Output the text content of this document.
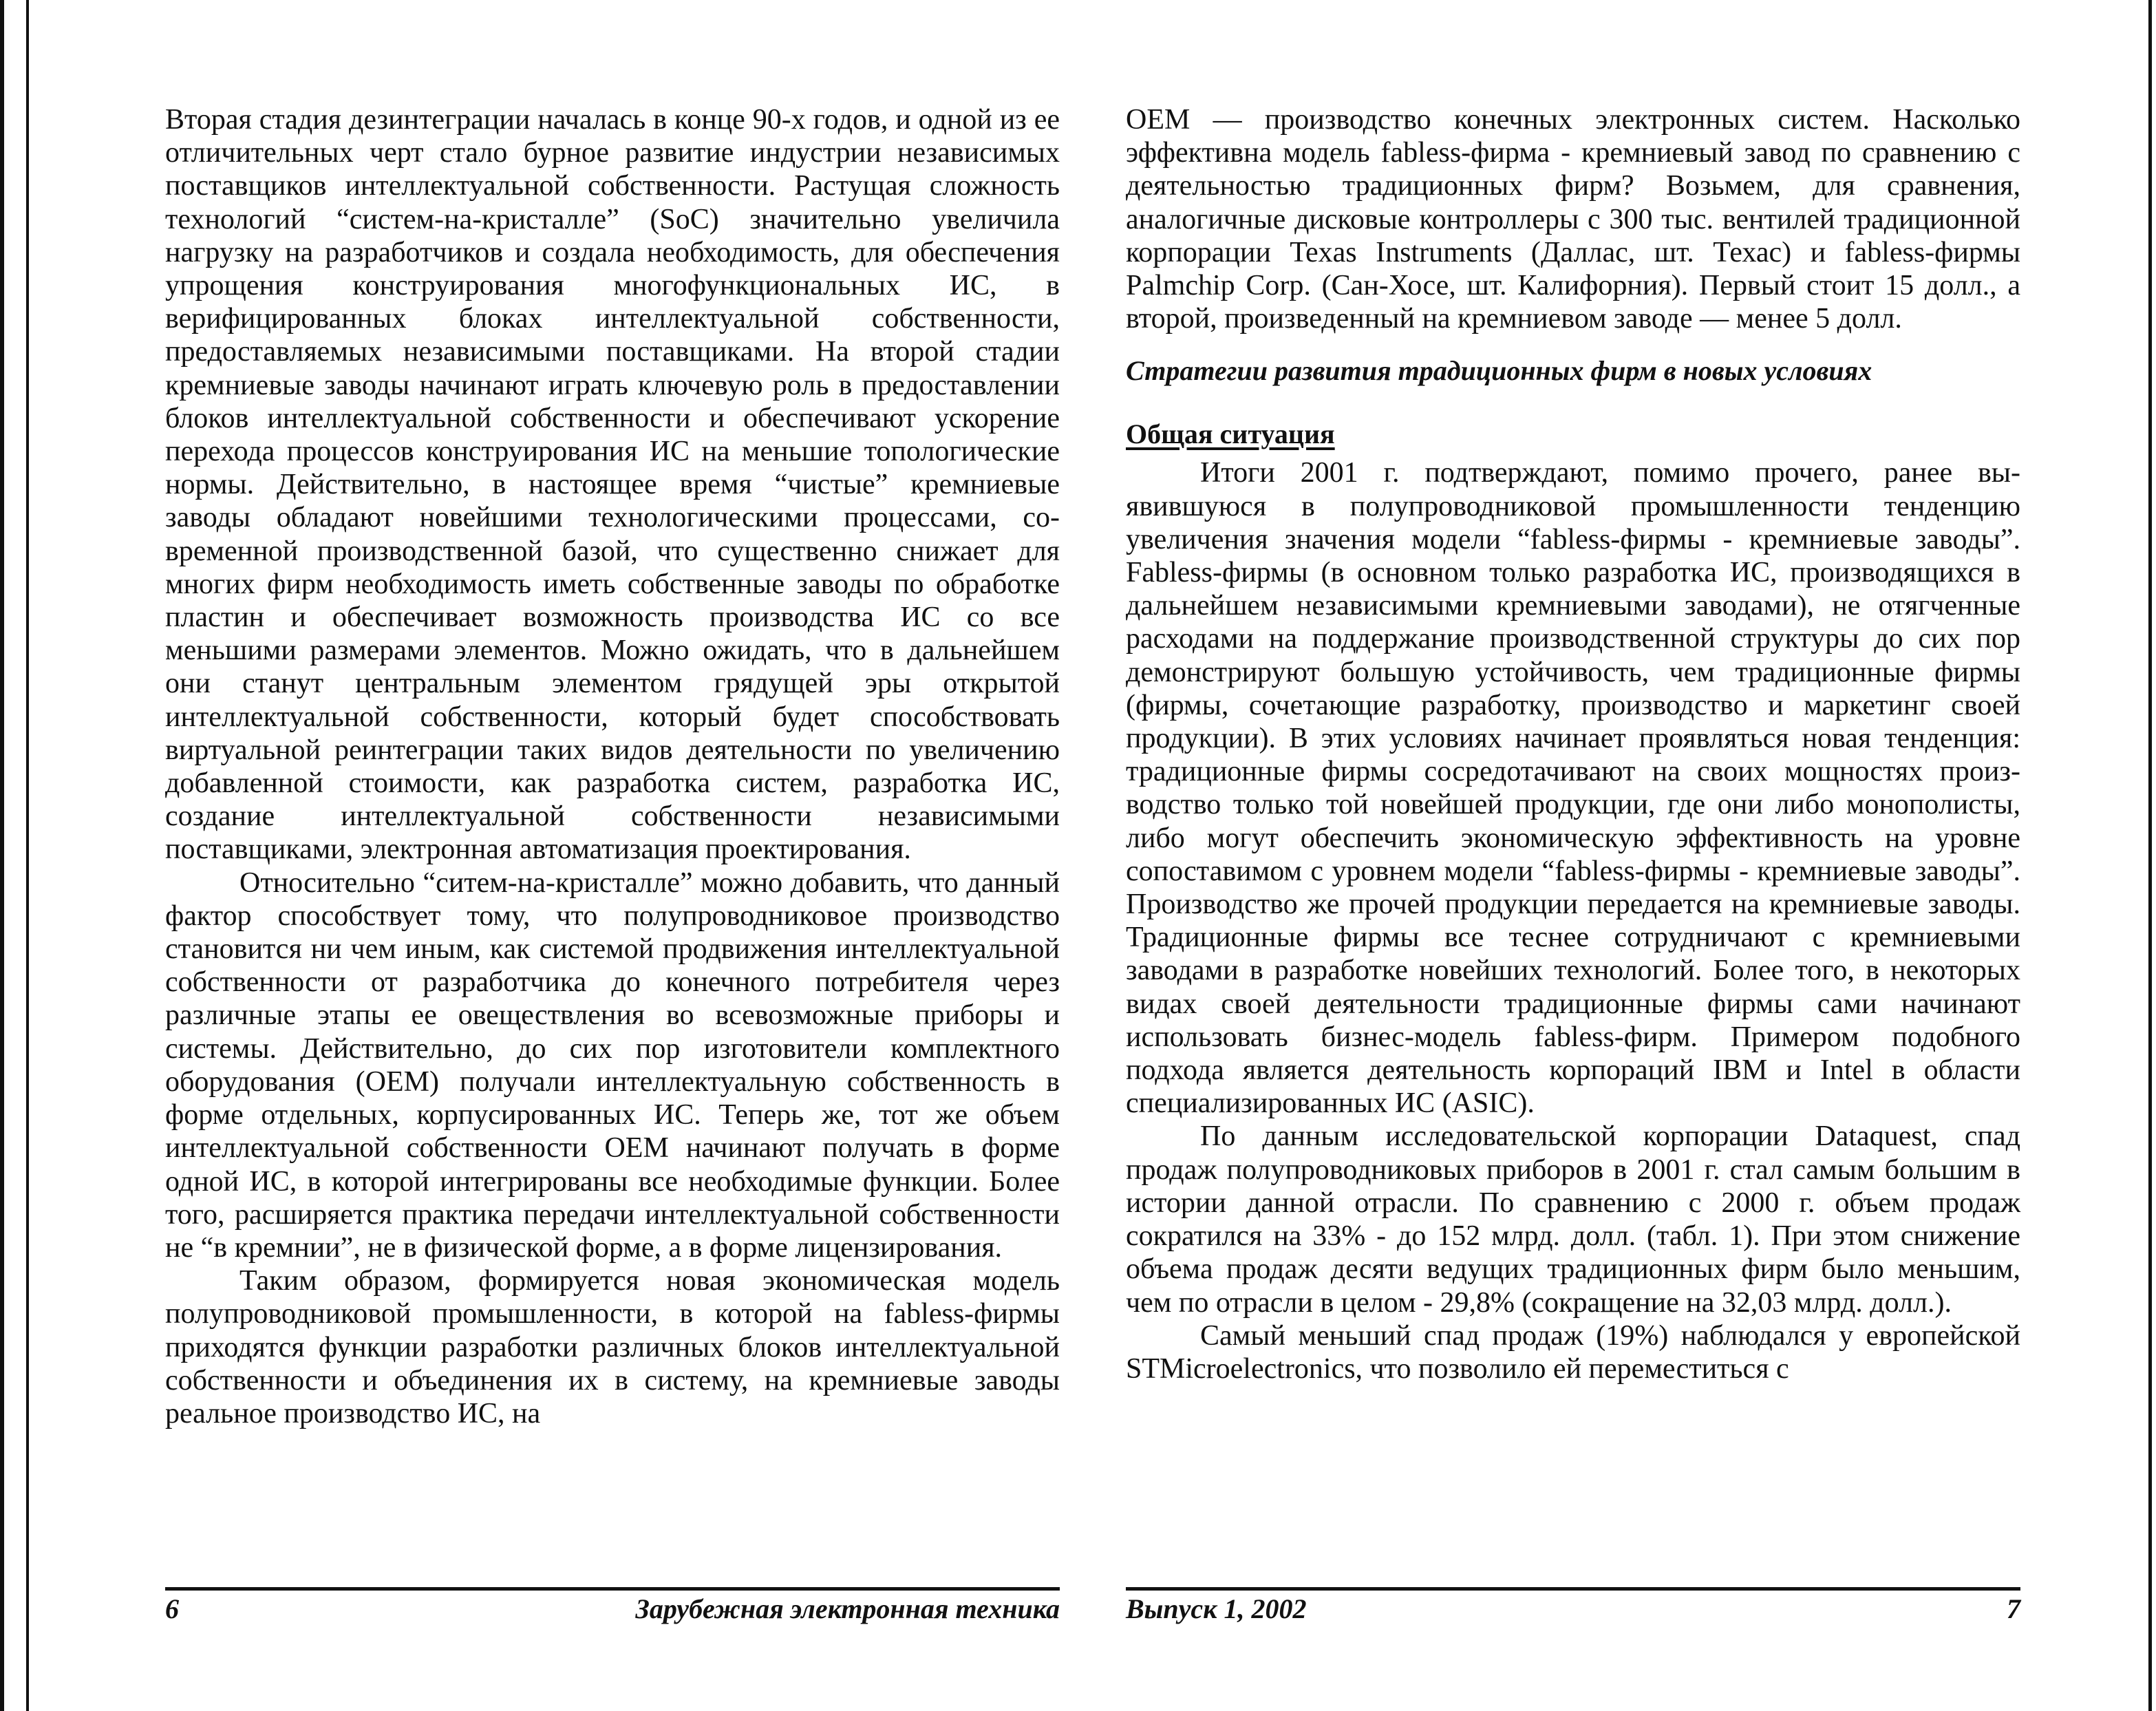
Вторая стадия дезинтеграции началась в конце 90-х годов, и одной из ее отличительных черт стало бурное развитие индустрии независимых поставщиков интеллектуальной собственности. Растущая сложность технологий “систем-на-кристалле” (SoC) значительно увеличила нагрузку на разработчиков и создала необходимость, для обеспечения упрощения конструирования многофункциональных ИС, в верифицированных блоках интеллектуальной собственности, предоставляемых независимыми поставщиками. На второй стадии кремниевые заводы начинают играть ключевую роль в предоставлении блоков интеллектуальной собственности и обеспечивают ускорение перехода процессов конструирования ИС на меньшие топологические нормы. Действительно, в настоящее время “чистые” кремниевые заводы обладают новейшими технологическими процессами, современной производственной базой, что существенно снижает для многих фирм необходимость иметь собственные заводы по обработке пластин и обеспечивает возможность производства ИС со все меньшими размерами элементов. Можно ожидать, что в дальнейшем они станут центральным элементом грядущей эры открытой интеллектуальной собственности, который будет способствовать виртуальной реинтеграции таких видов деятельности по увеличению добавленной стоимости, как разработка систем, разработка ИС, создание интеллектуальной собственности независимыми поставщиками, электронная автоматизация проектирования.

Относительно “ситем-на-кристалле” можно добавить, что данный фактор способствует тому, что полупроводниковое производство становится ни чем иным, как системой продвижения интеллектуальной собственности от разработчика до конечного потребителя через различные этапы ее овеществления во всевозможные приборы и системы. Действительно, до сих пор изготовители комплектного оборудования (OEM) получали интеллектуальную собственность в форме отдельных, корпусированных ИС. Теперь же, тот же объем интеллектуальной собственности OEM начинают получать в форме одной ИС, в которой интегрированы все необходимые функции. Более того, расширяется практика передачи интеллектуальной собственности не “в кремнии”, не в физической форме, а в форме лицензирования.

Таким образом, формируется новая экономическая модель полупроводниковой промышленности, в которой на fabless-фирмы приходятся функции разработки различных блоков интеллектуальной собственности и объединения их в систему, на кремниевые заводы реальное производство ИС, на

6	Зарубежная электронная техника

OEM — производство конечных электронных систем. Насколько эффективна модель fabless-фирма - кремниевый завод по сравнению с деятельностью традиционных фирм? Возьмем, для сравнения, аналогичные дисковые контроллеры с 300 тыс. вентилей традиционной корпорации Texas Instruments (Даллас, шт. Техас) и fabless-фирмы Palmchip Corp. (Сан-Хосе, шт. Калифорния). Первый стоит 15 долл., а второй, произведенный на кремниевом заводе — менее 5 долл.

Стратегии развития традиционных фирм в новых условиях
Общая ситуация

Итоги 2001 г. подтверждают, помимо прочего, ранее выявившуюся в полупроводниковой промышленности тенденцию увеличения значения модели “fabless-фирмы - кремниевые заводы”. Fabless-фирмы (в основном только разработка ИС, производящихся в дальнейшем независимыми кремниевыми заводами), не отягченные расходами на поддержание производственной структуры до сих пор демонстрируют большую устойчивость, чем традиционные фирмы (фирмы, сочетающие разработку, производство и маркетинг своей продукции). В этих условиях начинает проявляться новая тенденция: традиционные фирмы сосредотачивают на своих мощностях производство только той новейшей продукции, где они либо монополисты, либо могут обеспечить экономическую эффективность на уровне сопоставимом с уровнем модели “fabless-фирмы - кремниевые заводы”. Производство же прочей продукции передается на кремниевые заводы. Традиционные фирмы все теснее сотрудничают с кремниевыми заводами в разработке новейших технологий. Более того, в некоторых видах своей деятельности традиционные фирмы сами начинают использовать бизнес-модель fabless-фирм. Примером подобного подхода является деятельность корпораций IBM и Intel в области специализированных ИС (ASIC).

По данным исследовательской корпорации Dataquest, спад продаж полупроводниковых приборов в 2001 г. стал самым большим в истории данной отрасли. По сравнению с 2000 г. объем продаж сократился на 33% - до 152 млрд. долл. (табл. 1). При этом снижение объема продаж десяти ведущих традиционных фирм было меньшим, чем по отрасли в целом - 29,8% (сокращение на 32,03 млрд. долл.).

Самый меньший спад продаж (19%) наблюдался у европейской STMicroelectronics, что позволило ей переместиться с

Выпуск 1, 2002	7
